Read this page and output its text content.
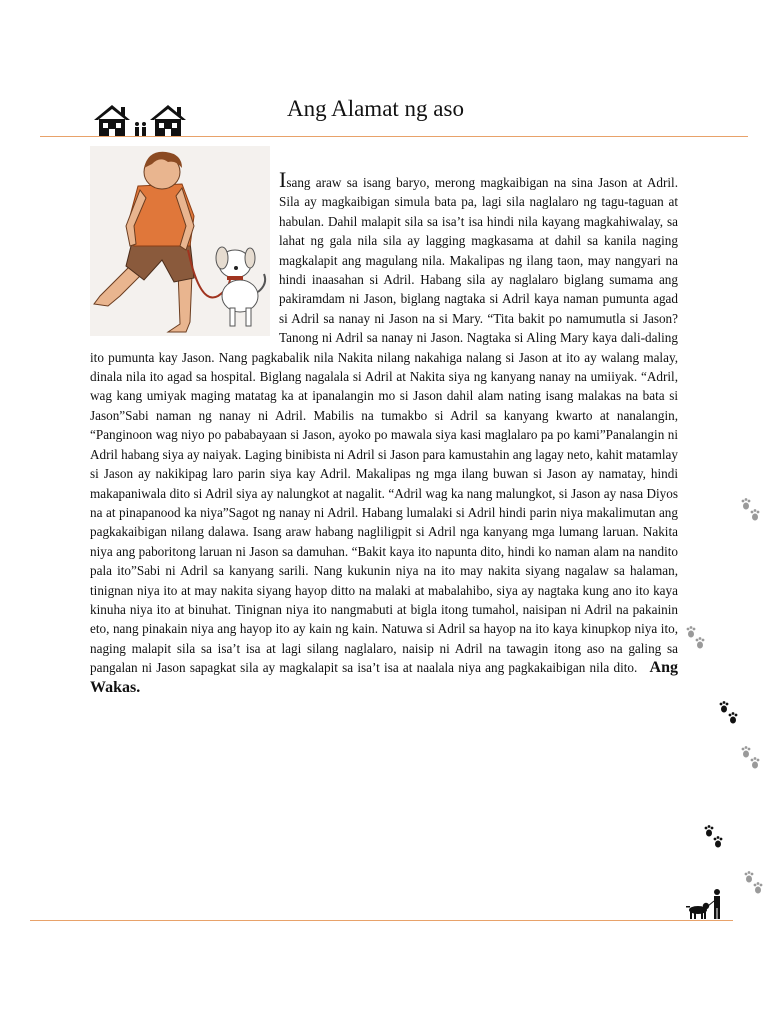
Ang Alamat ng aso
Isang araw sa isang baryo, merong magkaibigan na sina Jason at Adril. Sila ay magkaibigan simula bata pa, lagi sila naglalaro ng tagu-taguan at habulan. Dahil malapit sila sa isa’t isa hindi nila kayang magkahiwalay, sa lahat ng gala nila sila ay lagging magkasama at dahil sa kanila naging magkalapit ang magulang nila. Makalipas ng ilang taon, may nangyari na hindi inaasahan si Adril. Habang sila ay naglalaro biglang sumama ang pakiramdam ni Jason, biglang nagtaka si Adril kaya naman pumunta agad si Adril sa nanay ni Jason na si Mary. “Tita bakit po namumutla si Jason? Tanong ni Adril sa nanay ni Jason. Nagtaka si Aling Mary kaya dali-daling ito pumunta kay Jason. Nang pagkabalik nila Nakita nilang nakahiga nalang si Jason at ito ay walang malay, dinala nila ito agad sa hospital. Biglang nagalala si Adril at Nakita siya ng kanyang nanay na umiiyak. “Adril, wag kang umiyak maging matatag ka at ipanalangin mo si Jason dahil alam nating isang malakas na bata si Jason”Sabi naman ng nanay ni Adril. Mabilis na tumakbo si Adril sa kanyang kwarto at nanalangin, “Panginoon wag niyo po pababayaan si Jason, ayoko po mawala siya kasi maglalaro pa po kami”Panalangin ni Adril habang siya ay naiyak. Laging binibista ni Adril si Jason para kamustahin ang lagay neto, kahit matamlay si Jason ay nakikipag laro parin siya kay Adril. Makalipas ng mga ilang buwan si Jason ay namatay, hindi makapaniwala dito si Adril siya ay nalungkot at nagalit. “Adril wag ka nang malungkot, si Jason ay nasa Diyos na at pinapanood ka niya”Sagot ng nanay ni Adril. Habang lumalaki si Adril hindi parin niya makalimutan ang pagkakaibigan nilang dalawa. Isang araw habang nagliligpit si Adril nga kanyang mga lumang laruan. Nakita niya ang paboritong laruan ni Jason sa damuhan. “Bakit kaya ito napunta dito, hindi ko naman alam na nandito pala ito”Sabi ni Adril sa kanyang sarili. Nang kukunin niya na ito may nakita siyang nagalaw sa halaman, tinignan niya ito at may nakita siyang hayop ditto na malaki at mabalahibo, siya ay nagtaka kung ano ito kaya kinuha niya ito at binuhat. Tinignan niya ito nangmabuti at bigla itong tumahol, naisipan ni Adril na pakainin eto, nang pinakain niya ang hayop ito ay kain ng kain. Natuwa si Adril sa hayop na ito kaya kinupkop niya ito, naging malapit sila sa isa’t isa at lagi silang naglalaro, naisip ni Adril na tawagin itong aso na galing sa pangalan ni Jason sapagkat sila ay magkalapit sa isa’t isa at naalala niya ang pagkakaibigan nila dito. Ang Wakas.
